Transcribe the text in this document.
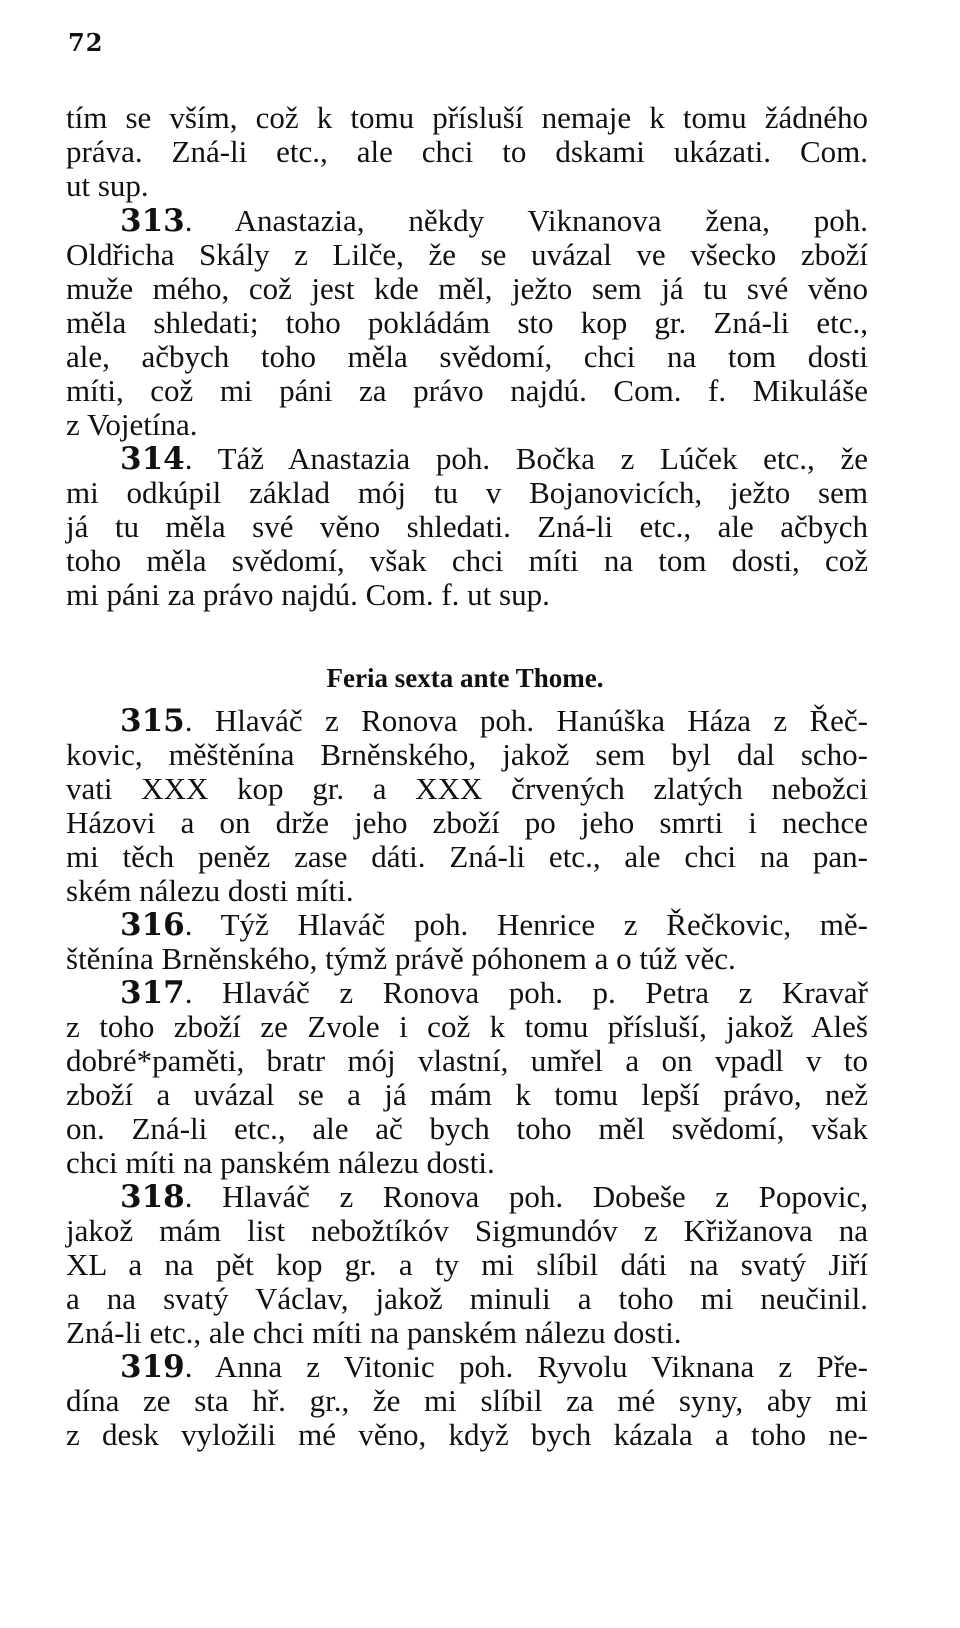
72
tím se vším, což k tomu přísluší nemaje k tomu žádného
práva. Zná-li etc., ale chci to dskami ukázati. Com.
ut sup.
313. Anastazia, někdy Viknanova žena, poh.
Oldřicha Skály z Lilče, že se uvázal ve všecko zboží
muže mého, což jest kde měl, ježto sem já tu své věno
měla shledati; toho pokládám sto kop gr. Zná-li etc.,
ale, ačbych toho měla svědomí, chci na tom dosti
míti, což mi páni za právo najdú. Com. f. Mikuláše
z Vojetína.
314. Táž Anastazia poh. Bočka z Lúček etc., že
mi odkúpil základ mój tu v Bojanovicích, ježto sem
já tu měla své věno shledati. Zná-li etc., ale ačbych
toho měla svědomí, však chci míti na tom dosti, což
mi páni za právo najdú. Com. f. ut sup.
Feria sexta ante Thome.
315. Hlaváč z Ronova poh. Hanúška Háza z Řeč-
kovic, měštěnína Brněnského, jakož sem byl dal scho-
vati XXX kop gr. a XXX črvených zlatých nebožci
Házovi a on drže jeho zboží po jeho smrti i nechce
mi těch peněz zase dáti. Zná-li etc., ale chci na pan-
ském nálezu dosti míti.
316. Týž Hlaváč poh. Henrice z Řečkovic, mě-
štěnína Brněnského, týmž právě póhonem a o túž věc.
317. Hlaváč z Ronova poh. p. Petra z Kravař
z toho zboží ze Zvole i což k tomu přísluší, jakož Aleš
dobré*paměti, bratr mój vlastní, umřel a on vpadl v to
zboží a uvázal se a já mám k tomu lepší právo, než
on. Zná-li etc., ale ač bych toho měl svědomí, však
chci míti na panském nálezu dosti.
318. Hlaváč z Ronova poh. Dobeše z Popovic,
jakož mám list nebožtíkóv Sigmundóv z Křižanova na
XL a na pět kop gr. a ty mi slíbil dáti na svatý Jiří
a na svatý Václav, jakož minuli a toho mi neučinil.
Zná-li etc., ale chci míti na panském nálezu dosti.
319. Anna z Vitonic poh. Ryvolu Viknana z Pře-
dína ze sta hř. gr., že mi slíbil za mé syny, aby mi
z desk vyložili mé věno, když bych kázala a toho ne-
